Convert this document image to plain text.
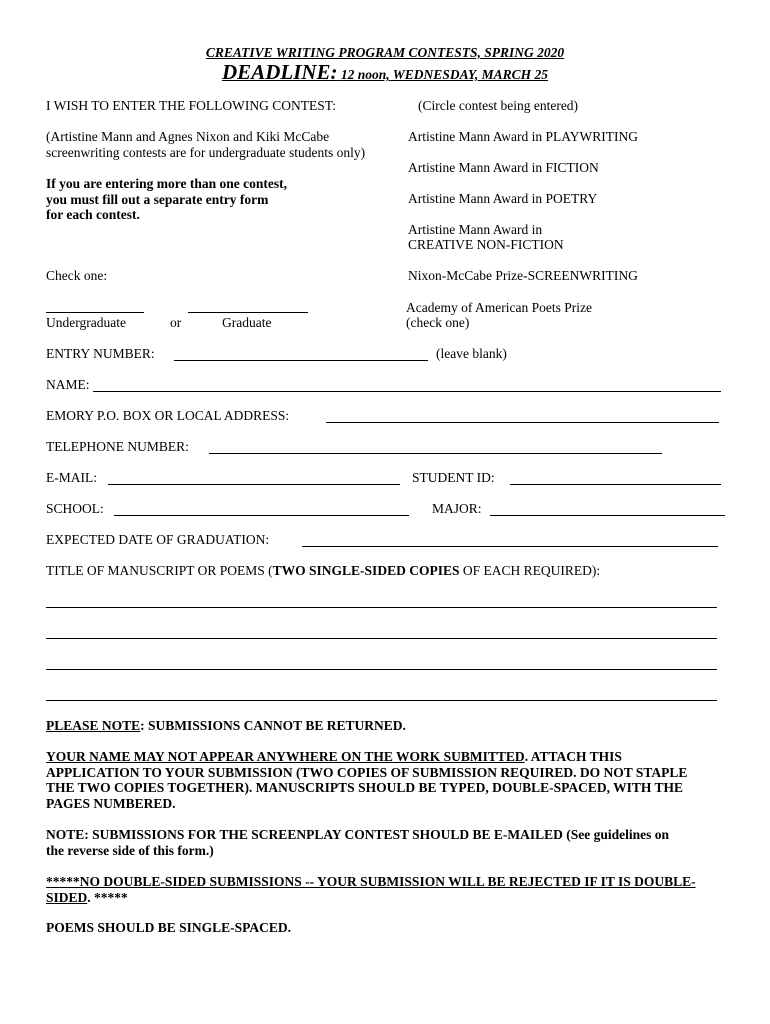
CREATIVE WRITING PROGRAM CONTESTS, SPRING 2020
DEADLINE: 12 noon, WEDNESDAY, MARCH 25
I WISH TO ENTER THE FOLLOWING CONTEST:	(Circle contest being entered)
(Artistine Mann and Agnes Nixon and Kiki McCabe
screenwriting contests are for undergraduate students only)
If you are entering more than one contest,
you must fill out a separate entry form
for each contest.
Artistine Mann Award in PLAYWRITING
Artistine Mann Award in FICTION
Artistine Mann Award in POETRY
Artistine Mann Award in
CREATIVE NON-FICTION
Nixon-McCabe Prize-SCREENWRITING
Academy of American Poets Prize
(check one)
Check one:
Undergraduate	or	Graduate
ENTRY NUMBER:	(leave blank)
NAME:
EMORY P.O. BOX OR LOCAL ADDRESS:
TELEPHONE NUMBER:
E-MAIL:	STUDENT ID:
SCHOOL:	MAJOR:
EXPECTED DATE OF GRADUATION:
TITLE OF MANUSCRIPT OR POEMS (TWO SINGLE-SIDED COPIES OF EACH REQUIRED):
PLEASE NOTE: SUBMISSIONS CANNOT BE RETURNED.
YOUR NAME MAY NOT APPEAR ANYWHERE ON THE WORK SUBMITTED. ATTACH THIS APPLICATION TO YOUR SUBMISSION (TWO COPIES OF SUBMISSION REQUIRED. DO NOT STAPLE THE TWO COPIES TOGETHER). MANUSCRIPTS SHOULD BE TYPED, DOUBLE-SPACED, WITH THE PAGES NUMBERED.
NOTE: SUBMISSIONS FOR THE SCREENPLAY CONTEST SHOULD BE E-MAILED (See guidelines on the reverse side of this form.)
*****NO DOUBLE-SIDED SUBMISSIONS -- YOUR SUBMISSION WILL BE REJECTED IF IT IS DOUBLE-SIDED. *****
POEMS SHOULD BE SINGLE-SPACED.
